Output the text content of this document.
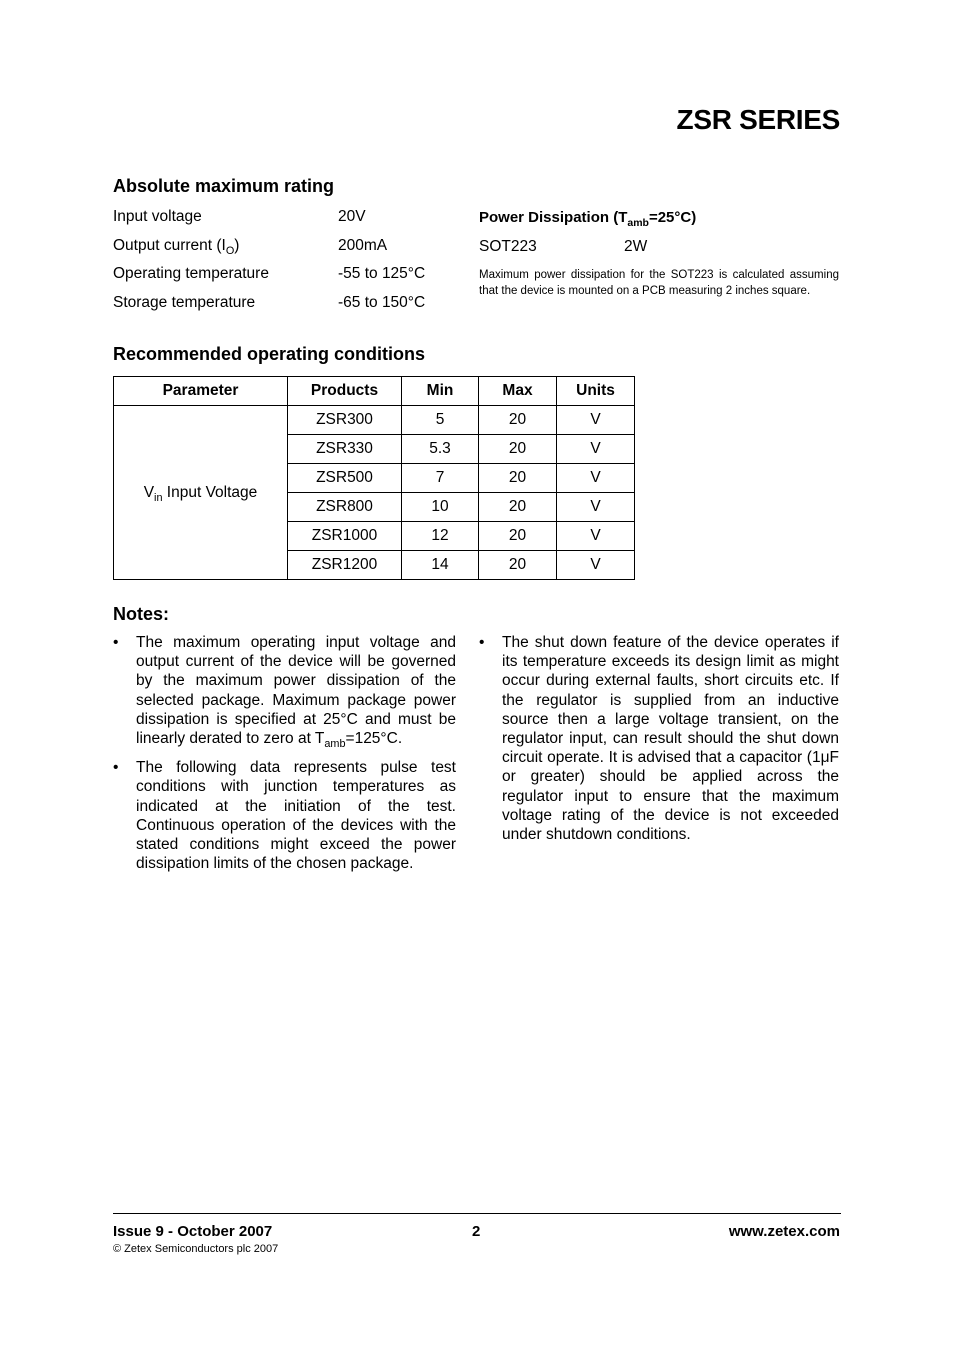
ZSR SERIES
Absolute maximum rating
Input voltage	20V
Output current $(I_O)$	200mA
Operating temperature	-55 to 125°C
Storage temperature	-65 to 150°C
Power Dissipation $(T_{amb}=25^\circ C)$
SOT223	2W
Maximum power dissipation for the SOT223 is calculated assuming that the device is mounted on a PCB measuring 2 inches square.
Recommended operating conditions
Parameter	Products	Min	Max	Units
$V_{in}$ Input Voltage	ZSR300	5	20	V
	ZSR330	5.3	20	V
	ZSR500	7	20	V
	ZSR800	10	20	V
	ZSR1000	12	20	V
	ZSR1200	14	20	V
Notes:
• The maximum operating input voltage and output current of the device will be governed by the maximum power dissipation of the selected package. Maximum package power dissipation is specified at 25°C and must be linearly derated to zero at $T_{amb}=125^\circ C$.
• The following data represents pulse test conditions with junction temperatures as indicated at the initiation of the test. Continuous operation of the devices with the stated conditions might exceed the power dissipation limits of the chosen package.
• The shut down feature of the device operates if its temperature exceeds its design limit as might occur during external faults, short circuits etc. If the regulator is supplied from an inductive source then a large voltage transient, on the regulator input, can result should the shut down circuit operate. It is advised that a capacitor (1μF or greater) should be applied across the regulator input to ensure that the maximum voltage rating of the device is not exceeded under shutdown conditions.
Issue 9 - October 2007	2	www.zetex.com
© Zetex Semiconductors plc 2007
